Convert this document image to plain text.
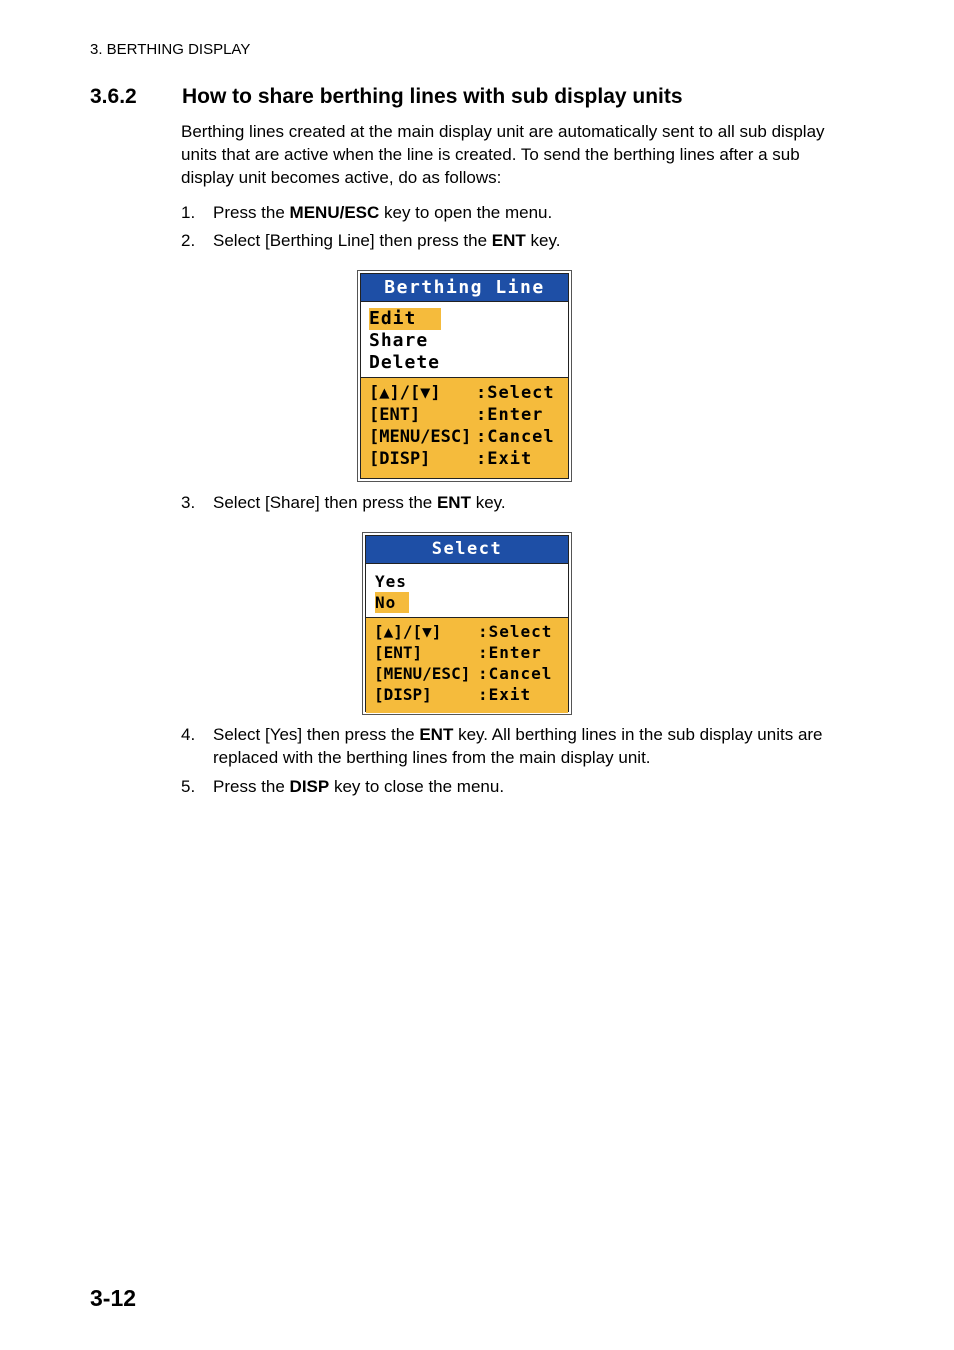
3. BERTHING DISPLAY
3.6.2 How to share berthing lines with sub display units

Berthing lines created at the main display unit are automatically sent to all sub display units that are active when the line is created. To send the berthing lines after a sub display unit becomes active, do as follows:

1. Press the MENU/ESC key to open the menu.
2. Select [Berthing Line] then press the ENT key.
Berthing Line
Edit
Share
Delete
[▲]/[▼]	:Select
[ENT]	:Enter
[MENU/ESC] :Cancel
[DISP]	:Exit
3. Select [Share] then press the ENT key.
Select
Yes
No
[▲]/[▼]	:Select
[ENT]	:Enter
[MENU/ESC] :Cancel
[DISP]	:Exit
4. Select [Yes] then press the ENT key. All berthing lines in the sub display units are replaced with the berthing lines from the main display unit.
5. Press the DISP key to close the menu.
3-12
